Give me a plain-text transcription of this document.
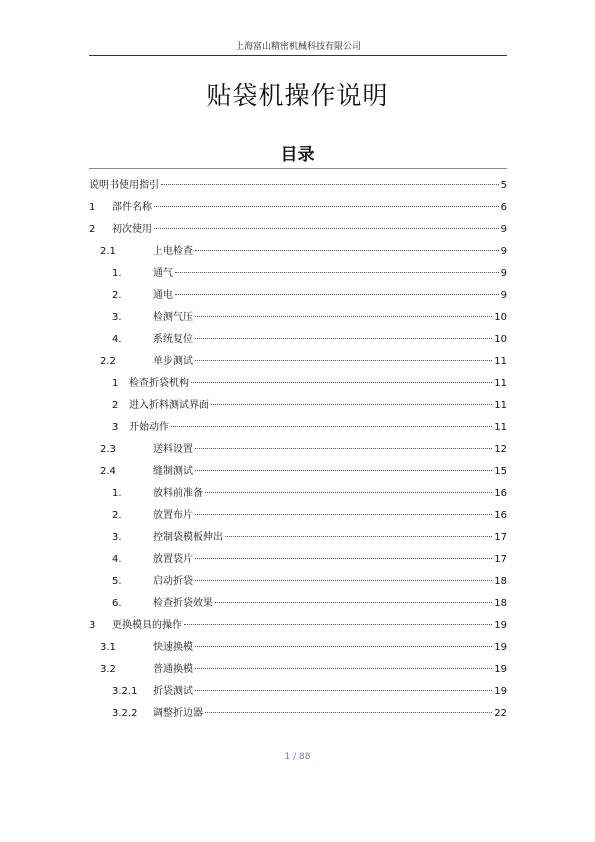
上海富山精密机械科技有限公司
贴袋机操作说明
目录
说明书使用指引	5
1	部件名称	6
2	初次使用	9
2.1	上电检查	9
1.	通气	9
2.	通电	9
3.	检测气压	10
4.	系统复位	10
2.2	单步测试	11
1	检查折袋机构	11
2	进入折料测试界面	11
3	开始动作	11
2.3	送料设置	12
2.4	缝制测试	15
1.	放料前准备	16
2.	放置布片	16
3.	控制袋模板伸出	17
4.	放置袋片	17
5.	启动折袋	18
6.	检查折袋效果	18
3	更换模具的操作	19
3.1	快速换模	19
3.2	普通换模	19
3.2.1	折袋测试	19
3.2.2	调整折边器	22
1 / 88
